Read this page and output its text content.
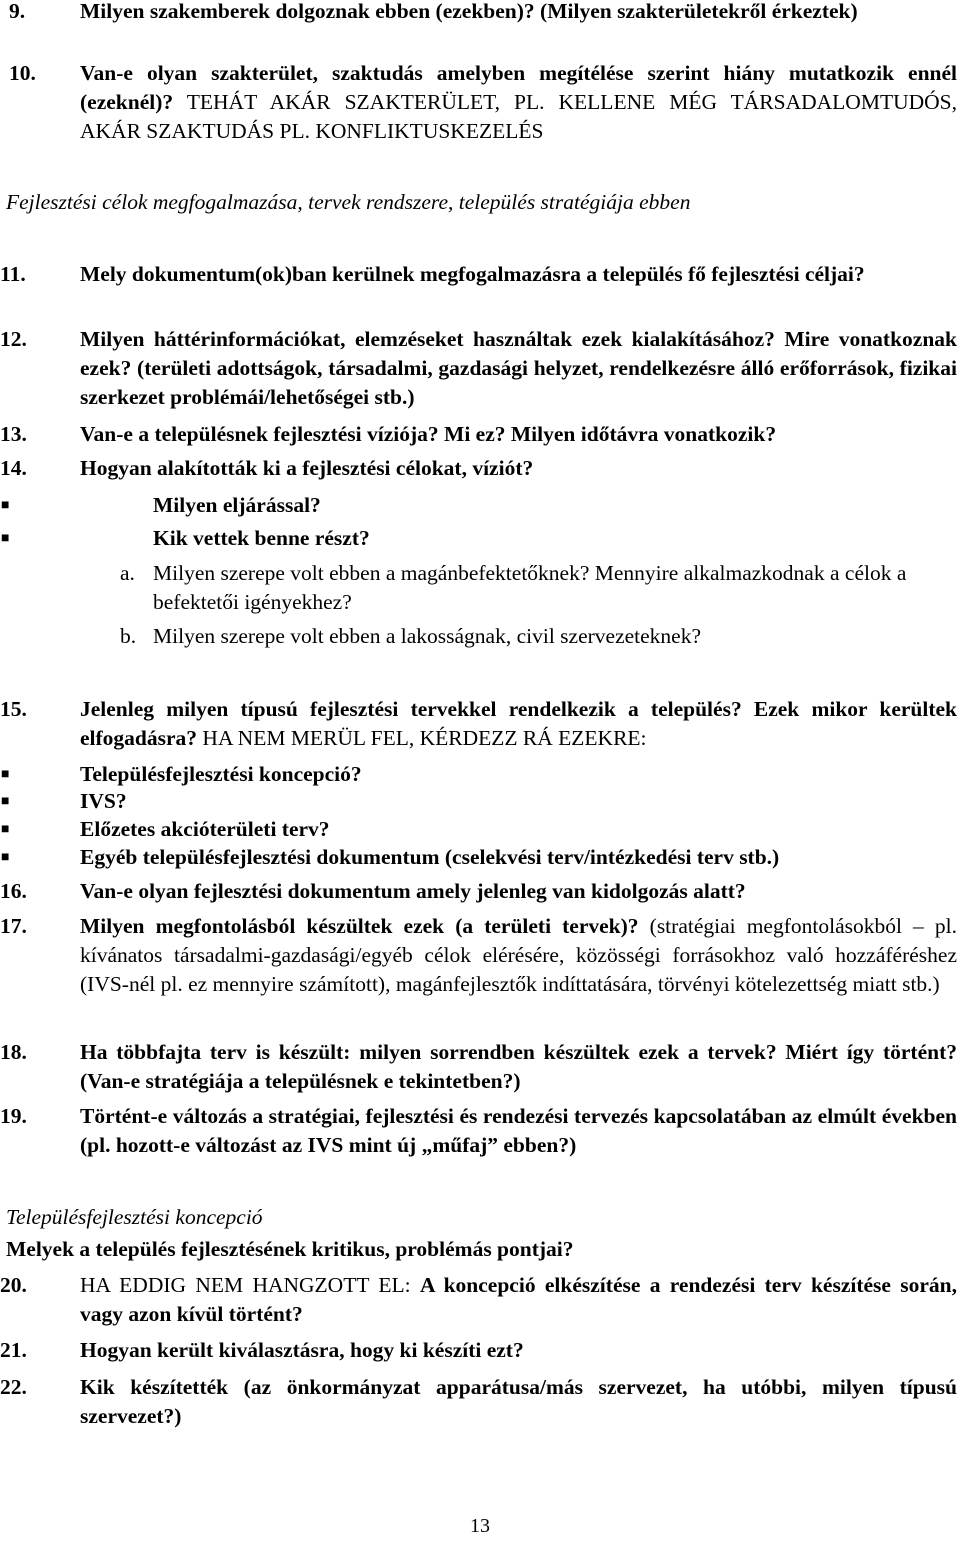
9.	Milyen szakemberek dolgoznak ebben (ezekben)? (Milyen szakterületekről érkeztek)
10. Van-e olyan szakterület, szaktudás amelyben megítélése szerint hiány mutatkozik ennél (ezeknél)? TEHÁT AKÁR SZAKTERÜLET, PL. KELLENE MÉG TÁRSADALOMTUDÓS, AKÁR SZAKTUDÁS PL. KONFLIKTUSKEZELÉS
Fejlesztési célok megfogalmazása, tervek rendszere, település stratégiája ebben
11.	Mely dokumentum(ok)ban kerülnek megfogalmazásra a település fő fejlesztési céljai?
12. Milyen háttérinformációkat, elemzéseket használtak ezek kialakításához? Mire vonatkoznak ezek? (területi adottságok, társadalmi, gazdasági helyzet, rendelkezésre álló erőforrások, fizikai szerkezet problémái/lehetőségei stb.)
13. Van-e a településnek fejlesztési víziója? Mi ez? Milyen időtávra vonatkozik?
14. Hogyan alakították ki a fejlesztési célokat, víziót?
■	Milyen eljárással?
■	Kik vettek benne részt?
a. Milyen szerepe volt ebben a magánbefektetőknek? Mennyire alkalmazkodnak a célok a befektetői igényekhez?
b. Milyen szerepe volt ebben a lakosságnak, civil szervezeteknek?
15. Jelenleg milyen típusú fejlesztési tervekkel rendelkezik a település? Ezek mikor kerültek elfogadásra? HA NEM MERÜL FEL, KÉRDEZZ RÁ EZEKRE:
■	Településfejlesztési koncepció?
■	IVS?
■	Előzetes akcióterületi terv?
■	Egyéb településfejlesztési dokumentum (cselekvési terv/intézkedési terv stb.)
16. Van-e olyan fejlesztési dokumentum amely jelenleg van kidolgozás alatt?
17. Milyen megfontolásból készültek ezek (a területi tervek)? (stratégiai megfontolásokból – pl. kívánatos társadalmi-gazdasági/egyéb célok elérésére, közösségi forrásokhoz való hozzáféréshez (IVS-nél pl. ez mennyire számított), magánfejlesztők indíttatására, törvényi kötelezettség miatt stb.)
18. Ha többfajta terv is készült: milyen sorrendben készültek ezek a tervek? Miért így történt? (Van-e stratégiája a településnek e tekintetben?)
19. Történt-e változás a stratégiai, fejlesztési és rendezési tervezés kapcsolatában az elmúlt években (pl. hozott-e változást az IVS mint új „műfaj” ebben?)
Településfejlesztési koncepció
Melyek a település fejlesztésének kritikus, problémás pontjai?
20. HA EDDIG NEM HANGZOTT EL: A koncepció elkészítése a rendezési terv készítése során, vagy azon kívül történt?
21. Hogyan került kiválasztásra, hogy ki készíti ezt?
22. Kik készítették (az önkormányzat apparátusa/más szervezet, ha utóbbi, milyen típusú szervezet?)
13
